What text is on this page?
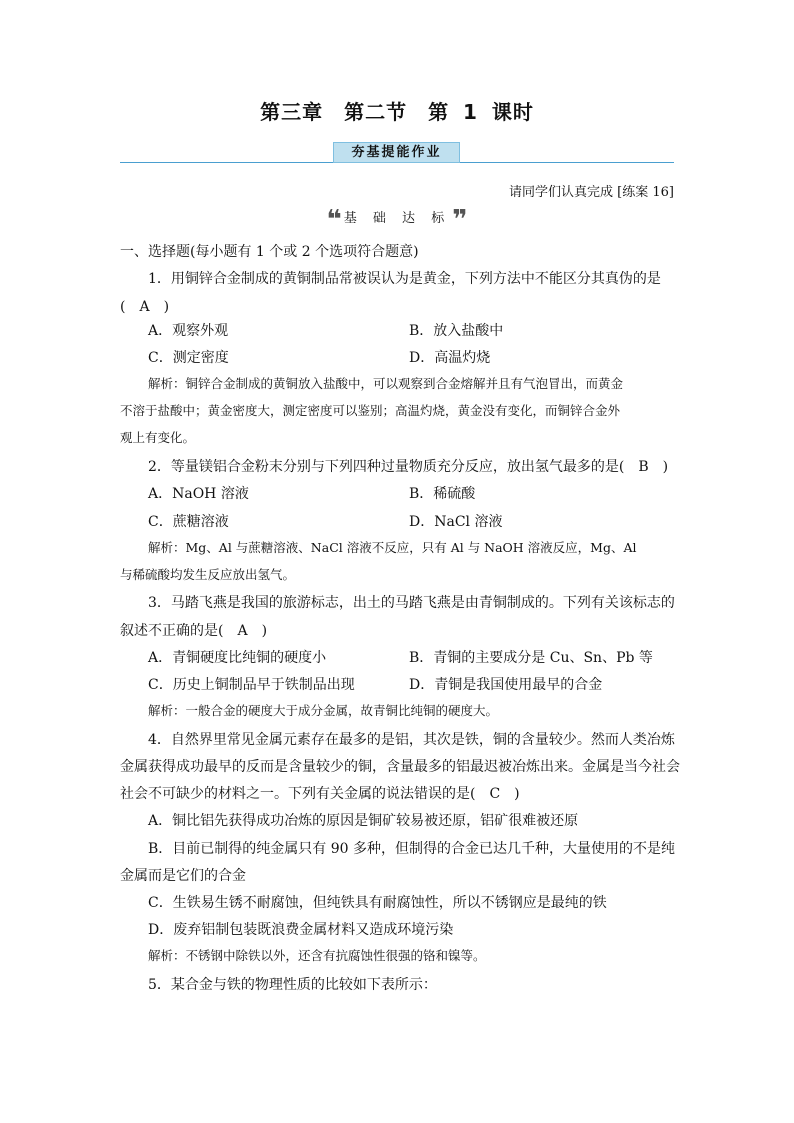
第三章　第二节　第 1 课时
夯基提能作业
请同学们认真完成 [练案 16]
❝ 基 础 达 标❞
一、选择题(每小题有 1 个或 2 个选项符合题意)
1．用铜锌合金制成的黄铜制品常被误认为是黄金，下列方法中不能区分其真伪的是
(　A　)
A．观察外观	B．放入盐酸中
C．测定密度	D．高温灼烧
解析：铜锌合金制成的黄铜放入盐酸中，可以观察到合金熔解并且有气泡冒出，而黄金
不溶于盐酸中；黄金密度大，测定密度可以鉴别；高温灼烧，黄金没有变化，而铜锌合金外
观上有变化。
2．等量镁铝合金粉末分别与下列四种过量物质充分反应，放出氢气最多的是(　B　)
A．NaOH 溶液	B．稀硫酸
C．蔗糖溶液	D．NaCl 溶液
解析：Mg、Al 与蔗糖溶液、NaCl 溶液不反应，只有 Al 与 NaOH 溶液反应，Mg、Al
与稀硫酸均发生反应放出氢气。
3．马踏飞燕是我国的旅游标志，出土的马踏飞燕是由青铜制成的。下列有关该标志的
叙述不正确的是(　A　)
A．青铜硬度比纯铜的硬度小	B．青铜的主要成分是 Cu、Sn、Pb 等
C．历史上铜制品早于铁制品出现	D．青铜是我国使用最早的合金
解析：一般合金的硬度大于成分金属，故青铜比纯铜的硬度大。
4．自然界里常见金属元素存在最多的是铝，其次是铁，铜的含量较少。然而人类冶炼
金属获得成功最早的反而是含量较少的铜，含量最多的铝最迟被冶炼出来。金属是当今社会
社会不可缺少的材料之一。下列有关金属的说法错误的是(　C　)
A．铜比铝先获得成功冶炼的原因是铜矿较易被还原，铝矿很难被还原
B．目前已制得的纯金属只有 90 多种，但制得的合金已达几千种，大量使用的不是纯
金属而是它们的合金
C．生铁易生锈不耐腐蚀，但纯铁具有耐腐蚀性，所以不锈钢应是最纯的铁
D．废弃铝制包装既浪费金属材料又造成环境污染
解析：不锈钢中除铁以外，还含有抗腐蚀性很强的铬和镍等。
5．某合金与铁的物理性质的比较如下表所示：
